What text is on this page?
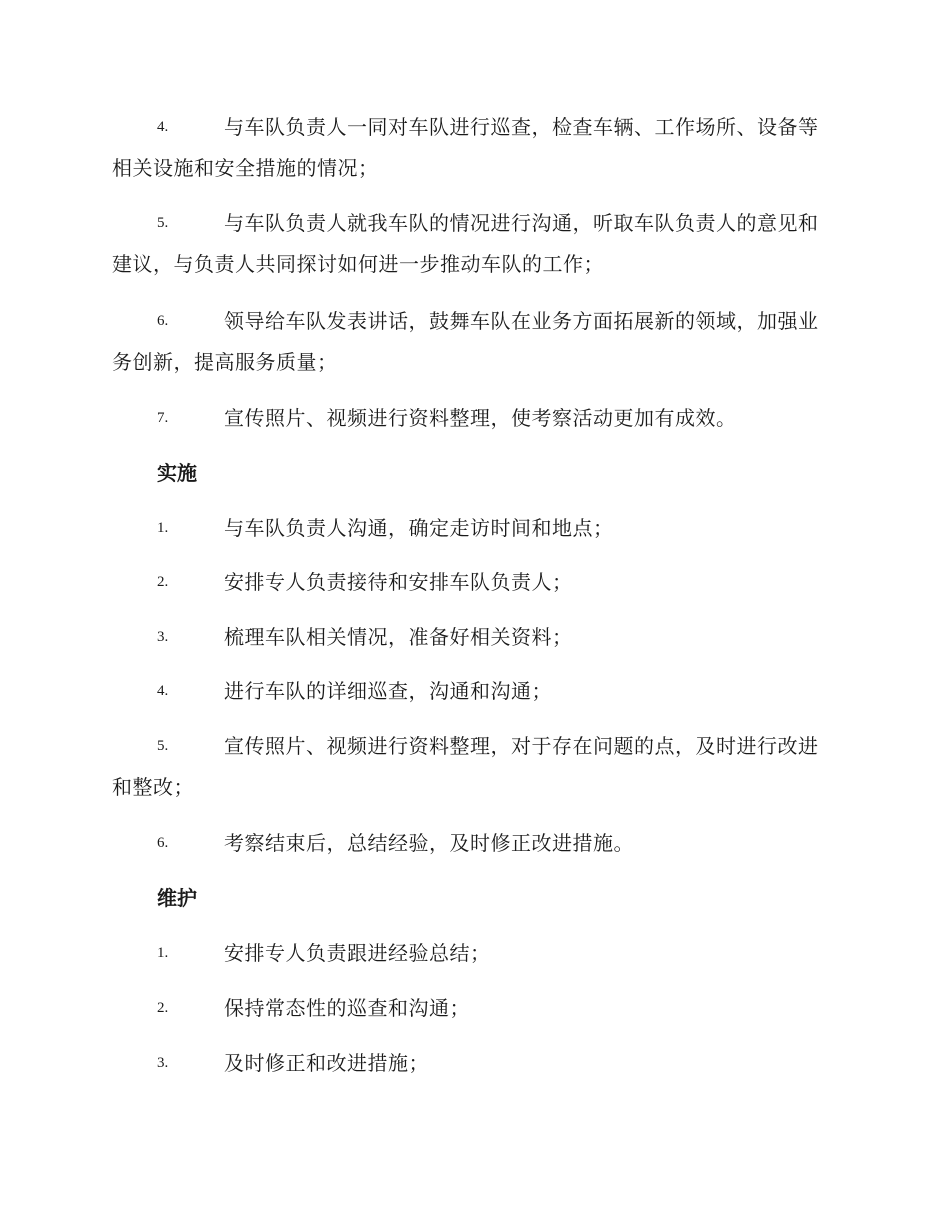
4.	与车队负责人一同对车队进行巡查，检查车辆、工作场所、设备等相关设施和安全措施的情况；
5.	与车队负责人就我车队的情况进行沟通，听取车队负责人的意见和建议，与负责人共同探讨如何进一步推动车队的工作；
6.	领导给车队发表讲话，鼓舞车队在业务方面拓展新的领域，加强业务创新，提高服务质量；
7.	宣传照片、视频进行资料整理，使考察活动更加有成效。
实施
1.	与车队负责人沟通，确定走访时间和地点；
2.	安排专人负责接待和安排车队负责人；
3.	梳理车队相关情况，准备好相关资料；
4.	进行车队的详细巡查，沟通和沟通；
5.	宣传照片、视频进行资料整理，对于存在问题的点，及时进行改进和整改；
6.	考察结束后，总结经验，及时修正改进措施。
维护
1.	安排专人负责跟进经验总结；
2.	保持常态性的巡查和沟通；
3.	及时修正和改进措施；
